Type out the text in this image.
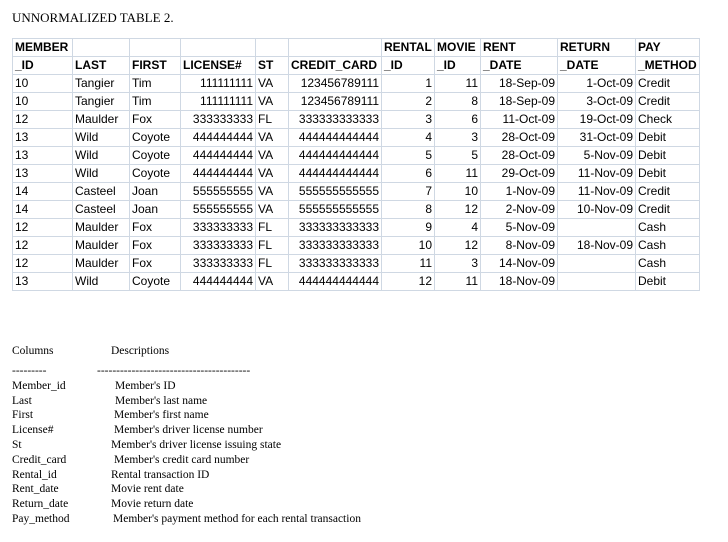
UNNORMALIZED TABLE 2.
MEMBER						RENTAL	MOVIE	RENT	RETURN	PAY
_ID	LAST	FIRST	LICENSE#	ST	CREDIT_CARD	_ID	_ID	_DATE	_DATE	_METHOD
10	Tangier	Tim	111111111	VA	123456789111	1	11	18-Sep-09	1-Oct-09	Credit
10	Tangier	Tim	111111111	VA	123456789111	2	8	18-Sep-09	3-Oct-09	Credit
12	Maulder	Fox	333333333	FL	333333333333	3	6	11-Oct-09	19-Oct-09	Check
13	Wild	Coyote	444444444	VA	444444444444	4	3	28-Oct-09	31-Oct-09	Debit
13	Wild	Coyote	444444444	VA	444444444444	5	5	28-Oct-09	5-Nov-09	Debit
13	Wild	Coyote	444444444	VA	444444444444	6	11	29-Oct-09	11-Nov-09	Debit
14	Casteel	Joan	555555555	VA	555555555555	7	10	1-Nov-09	11-Nov-09	Credit
14	Casteel	Joan	555555555	VA	555555555555	8	12	2-Nov-09	10-Nov-09	Credit
12	Maulder	Fox	333333333	FL	333333333333	9	4	5-Nov-09		Cash
12	Maulder	Fox	333333333	FL	333333333333	10	12	8-Nov-09	18-Nov-09	Cash
12	Maulder	Fox	333333333	FL	333333333333	11	3	14-Nov-09		Cash
13	Wild	Coyote	444444444	VA	444444444444	12	11	18-Nov-09		Debit
Columns	Descriptions
---------	----------------------------------------
Member_id	Member's ID
Last	Member's last name
First	Member's first name
License#	Member's driver license number
St	Member's driver license issuing state
Credit_card	Member's credit card number
Rental_id	Rental transaction ID
Rent_date	Movie rent date
Return_date	Movie return date
Pay_method	Member's payment method for each rental transaction
